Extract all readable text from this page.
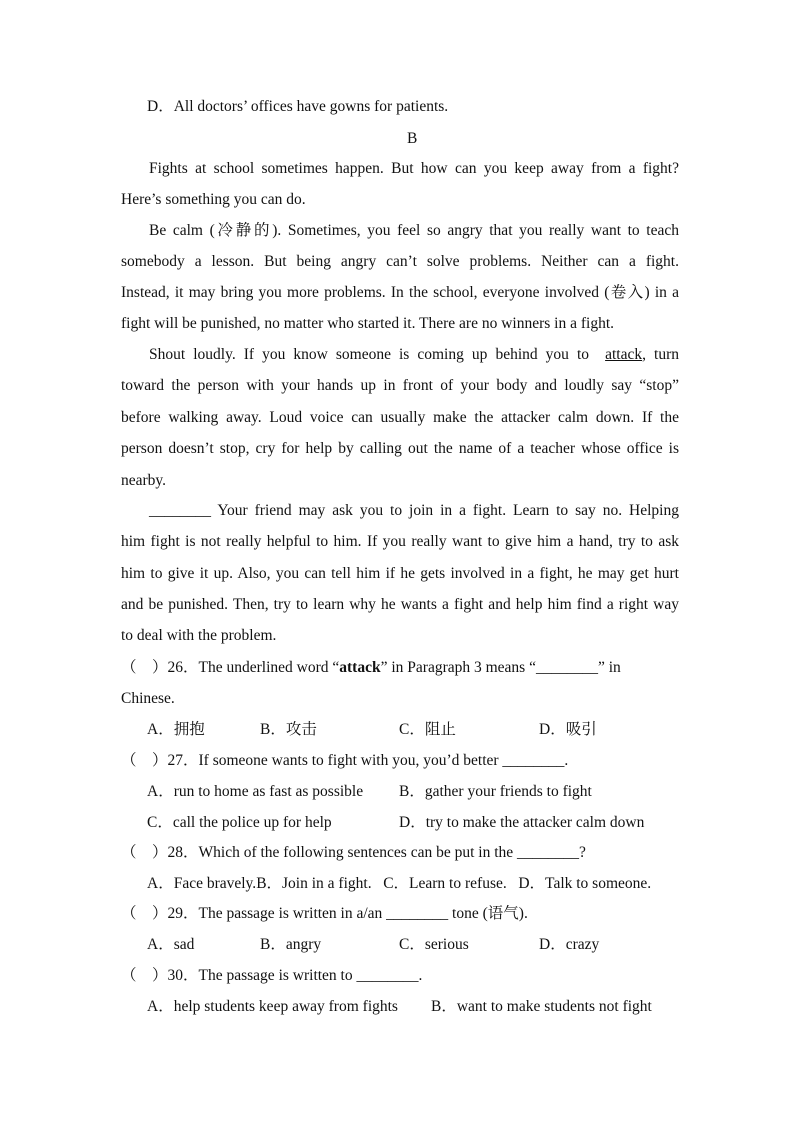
D．All doctors’ offices have gowns for patients.
B
Fights at school sometimes happen. But how can you keep away from a fight?
Here’s something you can do.
Be calm (冷静的). Sometimes, you feel so angry that you really want to teach
somebody a lesson. But being angry can’t solve problems. Neither can a fight.
Instead, it may bring you more problems. In the school, everyone involved (卷入) in a
fight will be punished, no matter who started it. There are no winners in a fight.
Shout loudly. If you know someone is coming up behind you to attack, turn
toward the person with your hands up in front of your body and loudly say “stop”
before walking away. Loud voice can usually make the attacker calm down. If the
person doesn’t stop, cry for help by calling out the name of a teacher whose office is
nearby.
________ Your friend may ask you to join in a fight. Learn to say no. Helping
him fight is not really helpful to him. If you really want to give him a hand, try to ask
him to give it up. Also, you can tell him if he gets involved in a fight, he may get hurt
and be punished. Then, try to learn why he wants a fight and help him find a right way
to deal with the problem.
（　）26．The underlined word “attack” in Paragraph 3 means “________” in
Chinese.
A．拥抱	B．攻击	C．阻止	D．吸引
（　）27．If someone wants to fight with you, you’d better ________.
A．run to home as fast as possible B．gather your friends to fight
C．call the police up for help	D．try to make the attacker calm down
（　）28．Which of the following sentences can be put in the ________?
A．Face bravely.B．Join in a fight. C．Learn to refuse. D．Talk to someone.
（　）29．The passage is written in a/an ________ tone (语气).
A．sad	B．angry	C．serious	D．crazy
（　）30．The passage is written to ________.
A．help students keep away from fights B．want to make students not fight
